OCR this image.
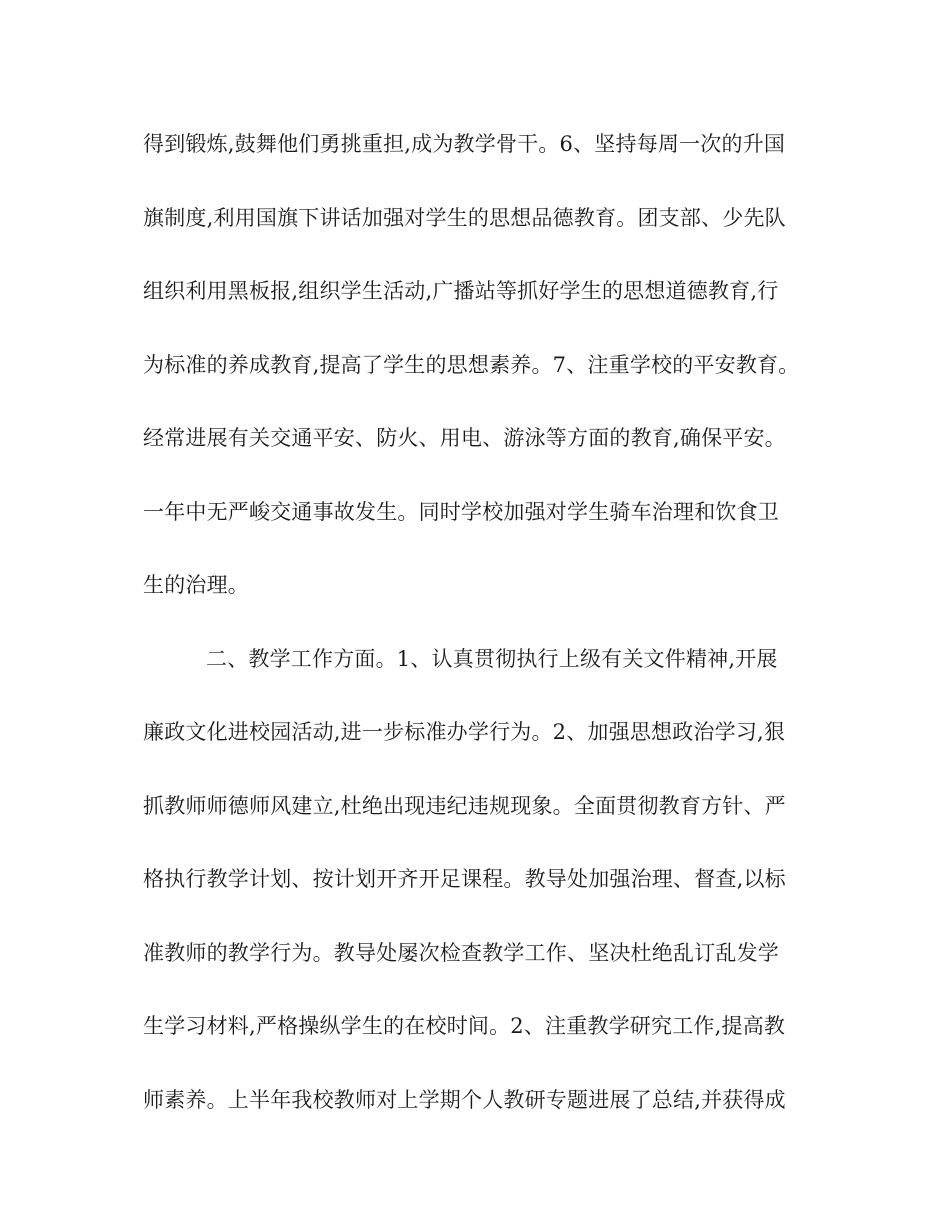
得到锻炼,鼓舞他们勇挑重担,成为教学骨干。6、坚持每周一次的升国
旗制度,利用国旗下讲话加强对学生的思想品德教育。团支部、少先队
组织利用黑板报,组织学生活动,广播站等抓好学生的思想道德教育,行
为标准的养成教育,提高了学生的思想素养。7、注重学校的平安教育。
经常进展有关交通平安、防火、用电、游泳等方面的教育,确保平安。
一年中无严峻交通事故发生。同时学校加强对学生骑车治理和饮食卫
生的治理。
二、教学工作方面。1、认真贯彻执行上级有关文件精神,开展
廉政文化进校园活动,进一步标准办学行为。2、加强思想政治学习,狠
抓教师师德师风建立,杜绝出现违纪违规现象。全面贯彻教育方针、严
格执行教学计划、按计划开齐开足课程。教导处加强治理、督查,以标
准教师的教学行为。教导处屡次检查教学工作、坚决杜绝乱订乱发学
生学习材料,严格操纵学生的在校时间。2、注重教学研究工作,提高教
师素养。上半年我校教师对上学期个人教研专题进展了总结,并获得成
